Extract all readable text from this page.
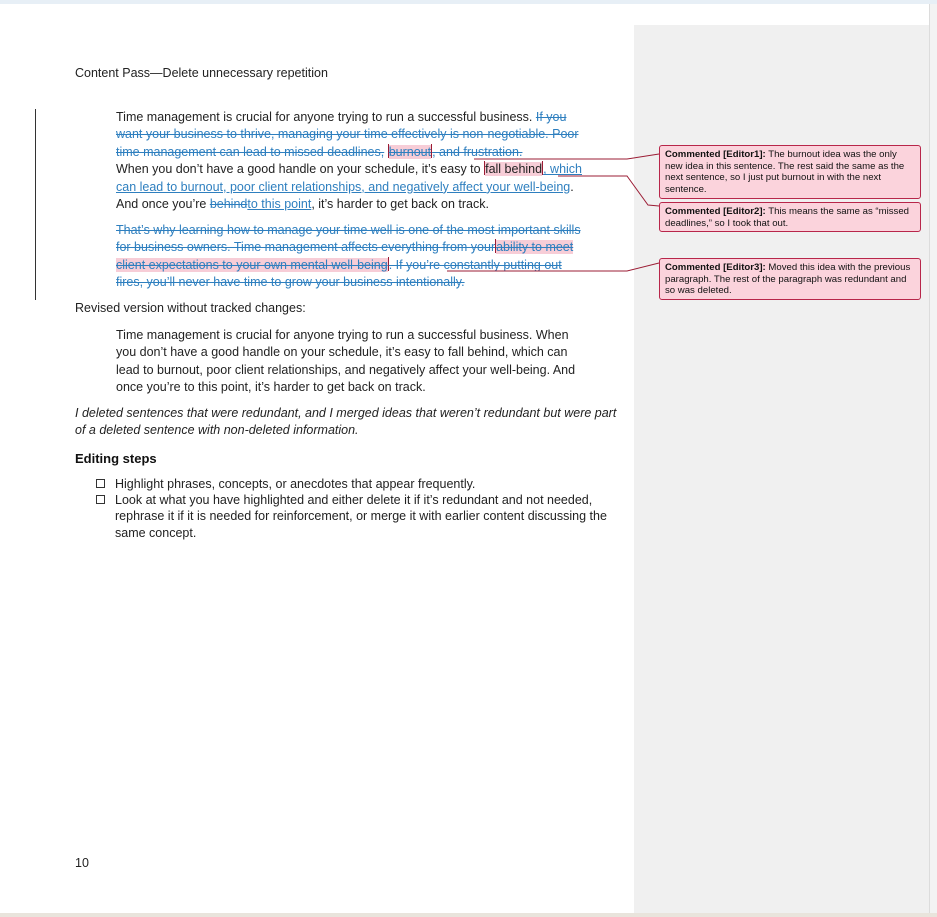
Content Pass—Delete unnecessary repetition
Time management is crucial for anyone trying to run a successful business. If you want your business to thrive, managing your time effectively is non-negotiable. Poor time management can lead to missed deadlines, burnout, and frustration.
When you don’t have a good handle on your schedule, it’s easy to fall behind, which can lead to burnout, poor client relationships, and negatively affect your well-being. And once you’re behindto this point, it’s harder to get back on track.
That’s why learning how to manage your time well is one of the most important skills for business owners. Time management affects everything from yourability to meet client expectations to your own mental well-being. If you’re constantly putting out fires, you’ll never have time to grow your business intentionally.
Revised version without tracked changes:
Time management is crucial for anyone trying to run a successful business. When you don’t have a good handle on your schedule, it’s easy to fall behind, which can lead to burnout, poor client relationships, and negatively affect your well-being. And once you’re to this point, it’s harder to get back on track.
I deleted sentences that were redundant, and I merged ideas that weren’t redundant but were part of a deleted sentence with non-deleted information.
Editing steps
Highlight phrases, concepts, or anecdotes that appear frequently.
Look at what you have highlighted and either delete it if it’s redundant and not needed, rephrase it if it is needed for reinforcement, or merge it with earlier content discussing the same concept.
10
Commented [Editor1]: The burnout idea was the only new idea in this sentence. The rest said the same as the next sentence, so I just put burnout in with the next sentence.
Commented [Editor2]: This means the same as “missed deadlines,” so I took that out.
Commented [Editor3]: Moved this idea with the previous paragraph. The rest of the paragraph was redundant and so was deleted.
